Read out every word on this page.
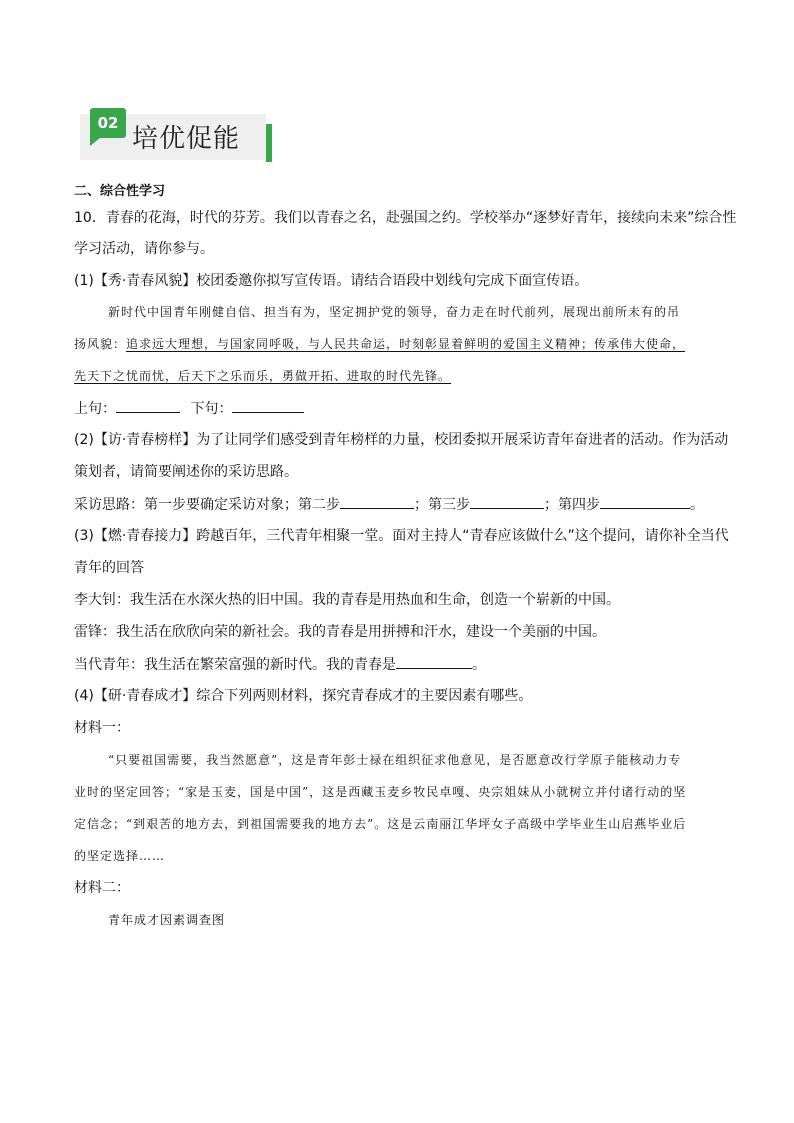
02
培优促能
二、综合性学习
10．青春的花海，时代的芬芳。我们以青春之名，赴强国之约。学校举办“逐梦好青年，接续向未来”综合性
学习活动，请你参与。
(1)【秀·青春风貌】校团委邀你拟写宣传语。请结合语段中划线句完成下面宣传语。
新时代中国青年刚健自信、担当有为，坚定拥护党的领导，奋力走在时代前列，展现出前所未有的吊
扬风貌：追求远大理想，与国家同呼吸，与人民共命运，时刻彰显着鲜明的爱国主义精神；传承伟大使命，
先天下之忧而忧，后天下之乐而乐，勇做开拓、进取的时代先锋。
上句：	下句：
(2)【访·青春榜样】为了让同学们感受到青年榜样的力量，校团委拟开展采访青年奋进者的活动。作为活动
策划者，请简要阐述你的采访思路。
采访思路：第一步要确定采访对象；第二步	；第三步	；第四步	。
(3)【燃·青春接力】跨越百年，三代青年相聚一堂。面对主持人“青春应该做什么”这个提问，请你补全当代
青年的回答
李大钊：我生活在水深火热的旧中国。我的青春是用热血和生命，创造一个崭新的中国。
雷锋：我生活在欣欣向荣的新社会。我的青春是用拼搏和汗水，建设一个美丽的中国。
当代青年：我生活在繁荣富强的新时代。我的青春是	。
(4)【研·青春成才】综合下列两则材料，探究青春成才的主要因素有哪些。
材料一：
“只要祖国需要，我当然愿意”，这是青年彭士禄在组织征求他意见，是否愿意改行学原子能核动力专
业时的坚定回答；“家是玉麦，国是中国”，这是西藏玉麦乡牧民卓嘎、央宗姐妹从小就树立并付诸行动的坚
定信念；“到艰苦的地方去，到祖国需要我的地方去”。这是云南丽江华坪女子高级中学毕业生山启燕毕业后
的坚定选择……
材料二：
青年成才因素调查图
